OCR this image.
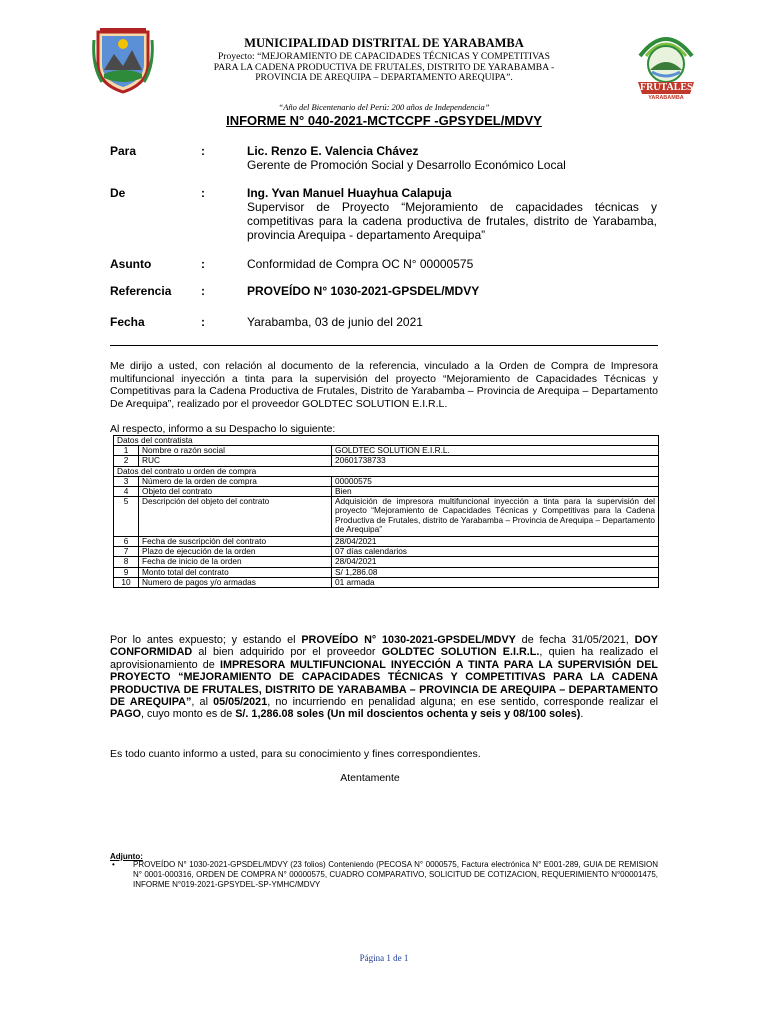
FRUTALES
YARABAMBA
MUNICIPALIDAD DISTRITAL DE YARABAMBA
Proyecto: “MEJORAMIENTO DE CAPACIDADES TÉCNICAS Y COMPETITIVAS
PARA LA CADENA PRODUCTIVA DE FRUTALES, DISTRITO DE YARABAMBA -
PROVINCIA DE AREQUIPA – DEPARTAMENTO AREQUIPA”.
“Año del Bicentenario del Perú: 200 años de Independencia”
INFORME N° 040-2021-MCTCCPF -GPSYDEL/MDVY
Para	:	Lic. Renzo E. Valencia Chávez
Gerente de Promoción Social y Desarrollo Económico Local
De	:	Ing. Yvan Manuel Huayhua Calapuja
Supervisor de Proyecto “Mejoramiento de capacidades técnicas y competitivas para la cadena productiva de frutales, distrito de Yarabamba, provincia Arequipa - departamento Arequipa”
Asunto	:	Conformidad de Compra OC N° 00000575
Referencia :	PROVEÍDO N° 1030-2021-GPSDEL/MDVY
Fecha	:	Yarabamba, 03 de junio del 2021
Me dirijo a usted, con relación al documento de la referencia, vinculado a la Orden de Compra de Impresora multifuncional inyección a tinta para la supervisión del proyecto “Mejoramiento de Capacidades Técnicas y Competitivas para la Cadena Productiva de Frutales, Distrito de Yarabamba – Provincia de Arequipa – Departamento De Arequipa”, realizado por el proveedor GOLDTEC SOLUTION E.I.R.L.
Al respecto, informo a su Despacho lo siguiente:
Datos del contratista		
1	Nombre o razón social	GOLDTEC SOLUTION E.I.R.L.
2	RUC	20601738733
Datos del contrato u orden de compra		
3	Número de la orden de compra	00000575
4	Objeto del contrato	Bien
5	Descripción del objeto del contrato	Adquisición de impresora multifuncional inyección a tinta para la supervisión del proyecto “Mejoramiento de Capacidades Técnicas y Competitivas para la Cadena Productiva de Frutales, distrito de Yarabamba – Provincia de Arequipa – Departamento de Arequipa”
6	Fecha de suscripción del contrato	28/04/2021
7	Plazo de ejecución de la orden	07 días calendarios
8	Fecha de inicio de la orden	28/04/2021
9	Monto total del contrato	S/ 1,286.08
10	Numero de pagos y/o armadas	01 armada
Por lo antes expuesto; y estando el PROVEÍDO N° 1030-2021-GPSDEL/MDVY de fecha 31/05/2021, DOY CONFORMIDAD al bien adquirido por el proveedor GOLDTEC SOLUTION E.I.R.L., quien ha realizado el aprovisionamiento de IMPRESORA MULTIFUNCIONAL INYECCIÓN A TINTA PARA LA SUPERVISIÓN DEL PROYECTO “MEJORAMIENTO DE CAPACIDADES TÉCNICAS Y COMPETITIVAS PARA LA CADENA PRODUCTIVA DE FRUTALES, DISTRITO DE YARABAMBA – PROVINCIA DE AREQUIPA – DEPARTAMENTO DE AREQUIPA”, al 05/05/2021, no incurriendo en penalidad alguna; en ese sentido, corresponde realizar el PAGO, cuyo monto es de S/. 1,286.08 soles (Un mil doscientos ochenta y seis y 08/100 soles).
Es todo cuanto informo a usted, para su conocimiento y fines correspondientes.
Atentamente
Adjunto:
• PROVEÍDO N° 1030-2021-GPSDEL/MDVY (23 folios) Conteniendo (PECOSA N° 0000575, Factura electrónica N° E001-289, GUIA DE REMISION N° 0001-000316, ORDEN DE COMPRA N° 00000575, CUADRO COMPARATIVO, SOLICITUD DE COTIZACION, REQUERIMIENTO N°00001475, INFORME N°019-2021-GPSYDEL-SP-YMHC/MDVY
Página 1 de 1
